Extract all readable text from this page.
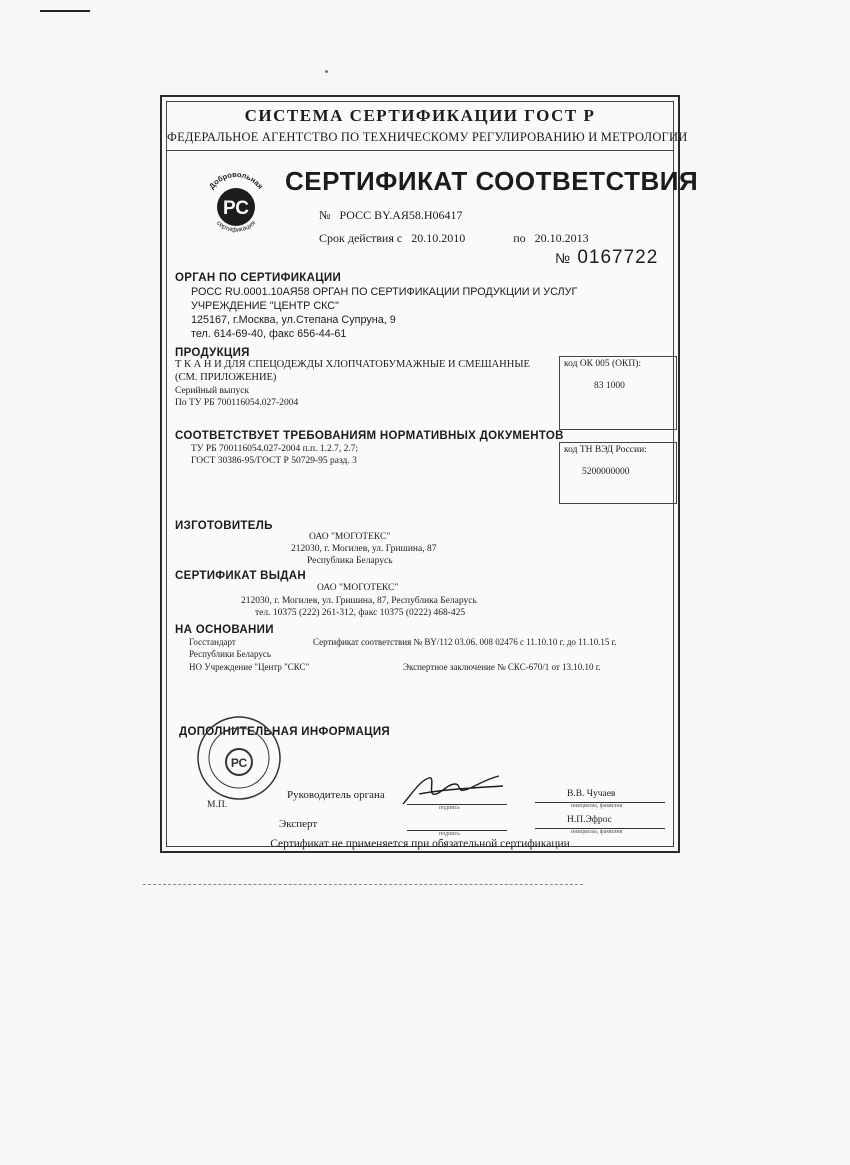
СИСТЕМА СЕРТИФИКАЦИИ ГОСТ Р
ФЕДЕРАЛЬНОЕ АГЕНТСТВО ПО ТЕХНИЧЕСКОМУ РЕГУЛИРОВАНИЮ И МЕТРОЛОГИИ
Добровольная
РС
сертификация
СЕРТИФИКАТ СООТВЕТСТВИЯ
№ РОСС BY.АЯ58.Н06417
Срок действия с 20.10.2010	по 20.10.2013
№ 0167722
ОРГАН ПО СЕРТИФИКАЦИИ
РОСС RU.0001.10АЯ58 ОРГАН ПО СЕРТИФИКАЦИИ ПРОДУКЦИИ И УСЛУГ
УЧРЕЖДЕНИЕ "ЦЕНТР СКС"
125167, г.Москва, ул.Степана Супруна, 9
тел. 614-69-40, факс 656-44-61
ПРОДУКЦИЯ
Т К А Н И ДЛЯ СПЕЦОДЕЖДЫ ХЛОПЧАТОБУМАЖНЫЕ И СМЕШАННЫЕ
(СМ. ПРИЛОЖЕНИЕ)
Серийный выпуск
По ТУ РБ 700116054.027-2004
код ОК 005 (ОКП):
83 1000
СООТВЕТСТВУЕТ ТРЕБОВАНИЯМ НОРМАТИВНЫХ ДОКУМЕНТОВ
ТУ РБ 700116054.027-2004 п.п. 1.2.7, 2.7;
ГОСТ 30386-95/ГОСТ Р 50729-95 разд. 3
код ТН ВЭД России:
5200000000
ИЗГОТОВИТЕЛЬ
ОАО "МОГОТЕКС"
212030, г. Могилев, ул. Гришина, 87
Республика Беларусь
СЕРТИФИКАТ ВЫДАН
ОАО "МОГОТЕКС"
212030, г. Могилев, ул. Гришина, 87, Республика Беларусь
тел. 10375 (222) 261-312, факс 10375 (0222) 468-425
НА ОСНОВАНИИ
Госстандарт
Республики Беларусь
Сертификат соответствия № BY/112 03.06. 008 02476 с 11.10.10 г. до 11.10.15 г.
НО Учреждение "Центр "СКС"	Экспертное заключение № СКС-670/1 от 13.10.10 г.
ДОПОЛНИТЕЛЬНАЯ ИНФОРМАЦИЯ
РС
М.П.
Руководитель органа
подпись
В.В. Чучаев
инициалы, фамилия
Эксперт
подпись
Н.П.Эфрос
инициалы, фамилия
Сертификат не применяется при обязательной сертификации
